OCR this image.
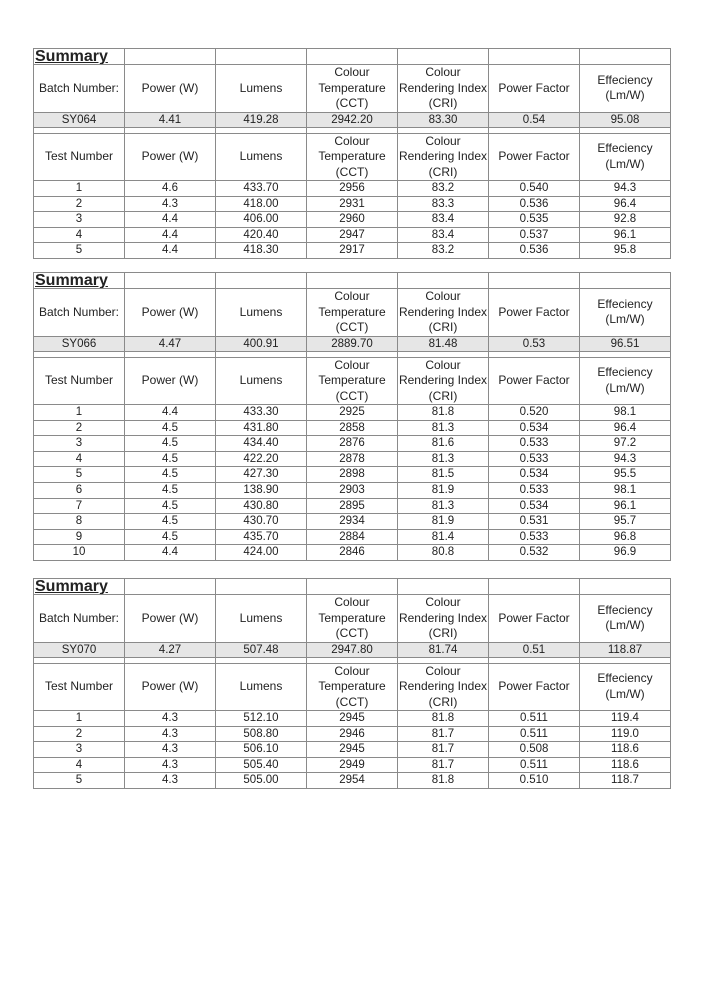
Summary						
Batch Number:	Power (W)	Lumens	Colour Temperature (CCT)	Colour Rendering Index (CRI)	Power Factor	Effeciency (Lm/W)
SY064	4.41	419.28	2942.20	83.30	0.54	95.08

Test Number	Power (W)	Lumens	Colour Temperature (CCT)	Colour Rendering Index (CRI)	Power Factor	Effeciency (Lm/W)
1	4.6	433.70	2956	83.2	0.540	94.3
2	4.3	418.00	2931	83.3	0.536	96.4
3	4.4	406.00	2960	83.4	0.535	92.8
4	4.4	420.40	2947	83.4	0.537	96.1
5	4.4	418.30	2917	83.2	0.536	95.8
Summary						
Batch Number:	Power (W)	Lumens	Colour Temperature (CCT)	Colour Rendering Index (CRI)	Power Factor	Effeciency (Lm/W)
SY066	4.47	400.91	2889.70	81.48	0.53	96.51

Test Number	Power (W)	Lumens	Colour Temperature (CCT)	Colour Rendering Index (CRI)	Power Factor	Effeciency (Lm/W)
1	4.4	433.30	2925	81.8	0.520	98.1
2	4.5	431.80	2858	81.3	0.534	96.4
3	4.5	434.40	2876	81.6	0.533	97.2
4	4.5	422.20	2878	81.3	0.533	94.3
5	4.5	427.30	2898	81.5	0.534	95.5
6	4.5	138.90	2903	81.9	0.533	98.1
7	4.5	430.80	2895	81.3	0.534	96.1
8	4.5	430.70	2934	81.9	0.531	95.7
9	4.5	435.70	2884	81.4	0.533	96.8
10	4.4	424.00	2846	80.8	0.532	96.9
Summary						
Batch Number:	Power (W)	Lumens	Colour Temperature (CCT)	Colour Rendering Index (CRI)	Power Factor	Effeciency (Lm/W)
SY070	4.27	507.48	2947.80	81.74	0.51	118.87

Test Number	Power (W)	Lumens	Colour Temperature (CCT)	Colour Rendering Index (CRI)	Power Factor	Effeciency (Lm/W)
1	4.3	512.10	2945	81.8	0.511	119.4
2	4.3	508.80	2946	81.7	0.511	119.0
3	4.3	506.10	2945	81.7	0.508	118.6
4	4.3	505.40	2949	81.7	0.511	118.6
5	4.3	505.00	2954	81.8	0.510	118.7
